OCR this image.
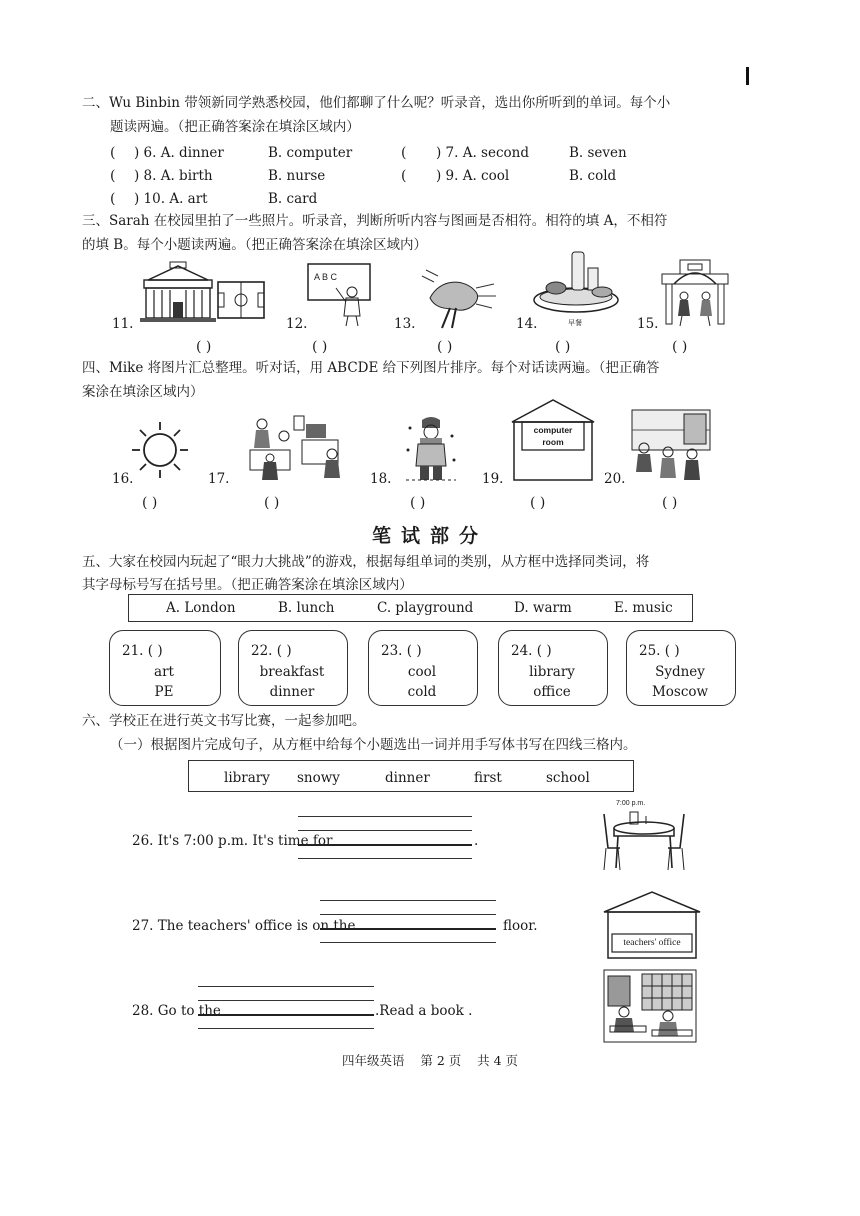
二、Wu Binbin 带领新同学熟悉校园，他们都聊了什么呢？听录音，选出你所听到的单词。每个小
题读两遍。（把正确答案涂在填涂区域内）
( ) 6. A. dinner	B. computer	( ) 7. A. second	B. seven
( ) 8. A. birth	B. nurse	( ) 9. A. cool	B. cold
( ) 10. A. art	B. card
三、Sarah 在校园里拍了一些照片。听录音，判断所听内容与图画是否相符。相符的填 A，不相符
的填 B。每个小题读两遍。（把正确答案涂在填涂区域内）
11.	12.	13.	14.	15.
( )	( )	( )	( )	( )
A B C
早餐
四、Mike 将图片汇总整理。听对话，用 ABCDE 给下列图片排序。每个对话读两遍。（把正确答
案涂在填涂区域内）
16.	17.	18.	19.	20.
( )	( )	( )	( )	( )
computer
room
笔试部分
五、大家在校园内玩起了“眼力大挑战”的游戏，根据每组单词的类别，从方框中选择同类词，将
其字母标号写在括号里。（把正确答案涂在填涂区域内）
A. London	B. lunch	C. playground	D. warm	E. music
21. ( )
art
PE
22. ( )
breakfast
dinner
23. ( )
cool
cold
24. ( )
library
office
25. ( )
Sydney
Moscow
六、学校正在进行英文书写比赛，一起参加吧。
（一）根据图片完成句子，从方框中给每个小题选出一词并用手写体书写在四线三格内。
library snowy	dinner	first	school
26. It's 7:00 p.m. It's time for	.
7:00 p.m.
27. The teachers' office is on the	floor.
teachers' office
28. Go to the	.Read a book .
四年级英语    第 2 页    共 4 页
